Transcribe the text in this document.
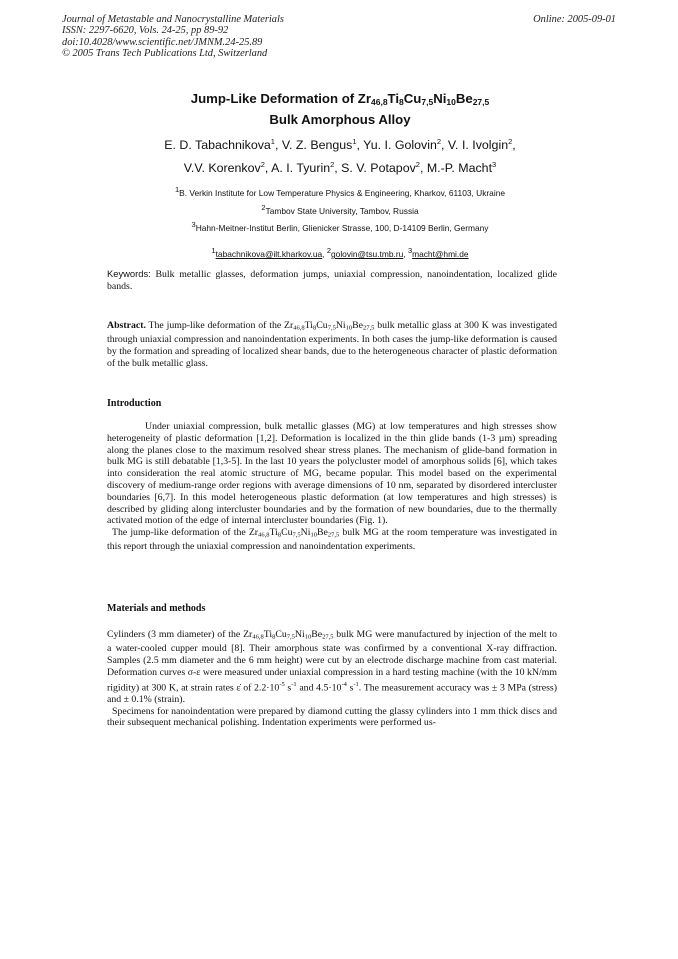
Journal of Metastable and Nanocrystalline Materials
ISSN: 2297-6620, Vols. 24-25, pp 89-92
doi:10.4028/www.scientific.net/JMNM.24-25.89
© 2005 Trans Tech Publications Ltd, Switzerland
Online: 2005-09-01
Jump-Like Deformation of $Zr_{46,8}Ti_8Cu_{7,5}Ni_{10}Be_{27,5}$
Bulk Amorphous Alloy
E. D. Tabachnikova$^1$, V. Z. Bengus$^1$, Yu. I. Golovin$^2$, V. I. Ivolgin$^2$,
V.V. Korenkov$^2$, A. I. Tyurin$^2$, S. V. Potapov$^2$, M.-P. Macht$^3$
$^1$B. Verkin Institute for Low Temperature Physics & Engineering, Kharkov, 61103, Ukraine
$^2$Tambov State University, Tambov, Russia
$^3$Hahn-Meitner-Institut Berlin, Glienicker Strasse, 100, D-14109 Berlin, Germany
$^1$tabachnikova@ilt.kharkov.ua, $^2$golovin@tsu.tmb.ru, $^3$macht@hmi.de
Keywords: Bulk metallic glasses, deformation jumps, uniaxial compression, nanoindentation, localized glide bands.
Abstract. The jump-like deformation of the $Zr_{46,8}Ti_8Cu_{7,5}Ni_{10}Be_{27,5}$ bulk metallic glass at 300 K was investigated through uniaxial compression and nanoindentation experiments. In both cases the jump-like deformation is caused by the formation and spreading of localized shear bands, due to the heterogeneous character of plastic deformation of the bulk metallic glass.
Introduction

Under uniaxial compression, bulk metallic glasses (MG) at low temperatures and high stresses show heterogeneity of plastic deformation [1,2]. Deformation is localized in the thin glide bands (1-3 µm) spreading along the planes close to the maximum resolved shear stress planes. The mechanism of glide-band formation in bulk MG is still debatable [1,3-5]. In the last 10 years the polycluster model of amorphous solids [6], which takes into consideration the real atomic structure of MG, became popular. This model based on the experimental discovery of medium-range order regions with average dimensions of 10 nm, separated by disordered intercluster boundaries [6,7]. In this model heterogeneous plastic deformation (at low temperatures and high stresses) is described by gliding along intercluster boundaries and by the formation of new boundaries, due to the thermally activated motion of the edge of internal intercluster boundaries (Fig. 1).

The jump-like deformation of the $Zr_{46,8}Ti_8Cu_{7,5}Ni_{10}Be_{27,5}$ bulk MG at the room temperature was investigated in this report through the uniaxial compression and nanoindentation experiments.

Materials and methods

Cylinders (3 mm diameter) of the $Zr_{46,8}Ti_8Cu_{7,5}Ni_{10}Be_{27,5}$ bulk MG were manufactured by injection of the melt to a water-cooled cupper mould [8]. Their amorphous state was confirmed by a conventional X-ray diffraction. Samples (2.5 mm diameter and the 6 mm height) were cut by an electrode discharge machine from cast material. Deformation curves σ-ε were measured under uniaxial compression in a hard testing machine (with the 10 kN/mm rigidity) at 300 K, at strain rates ε̇ of $2.2\cdot 10^{-5}$ $s^{-1}$ and $4.5\cdot 10^{-4}$ $s^{-1}$. The measurement accuracy was ± 3 MPa (stress) and ± 0.1% (strain).

Specimens for nanoindentation were prepared by diamond cutting the glassy cylinders into 1 mm thick discs and their subsequent mechanical polishing. Indentation experiments were performed us-
